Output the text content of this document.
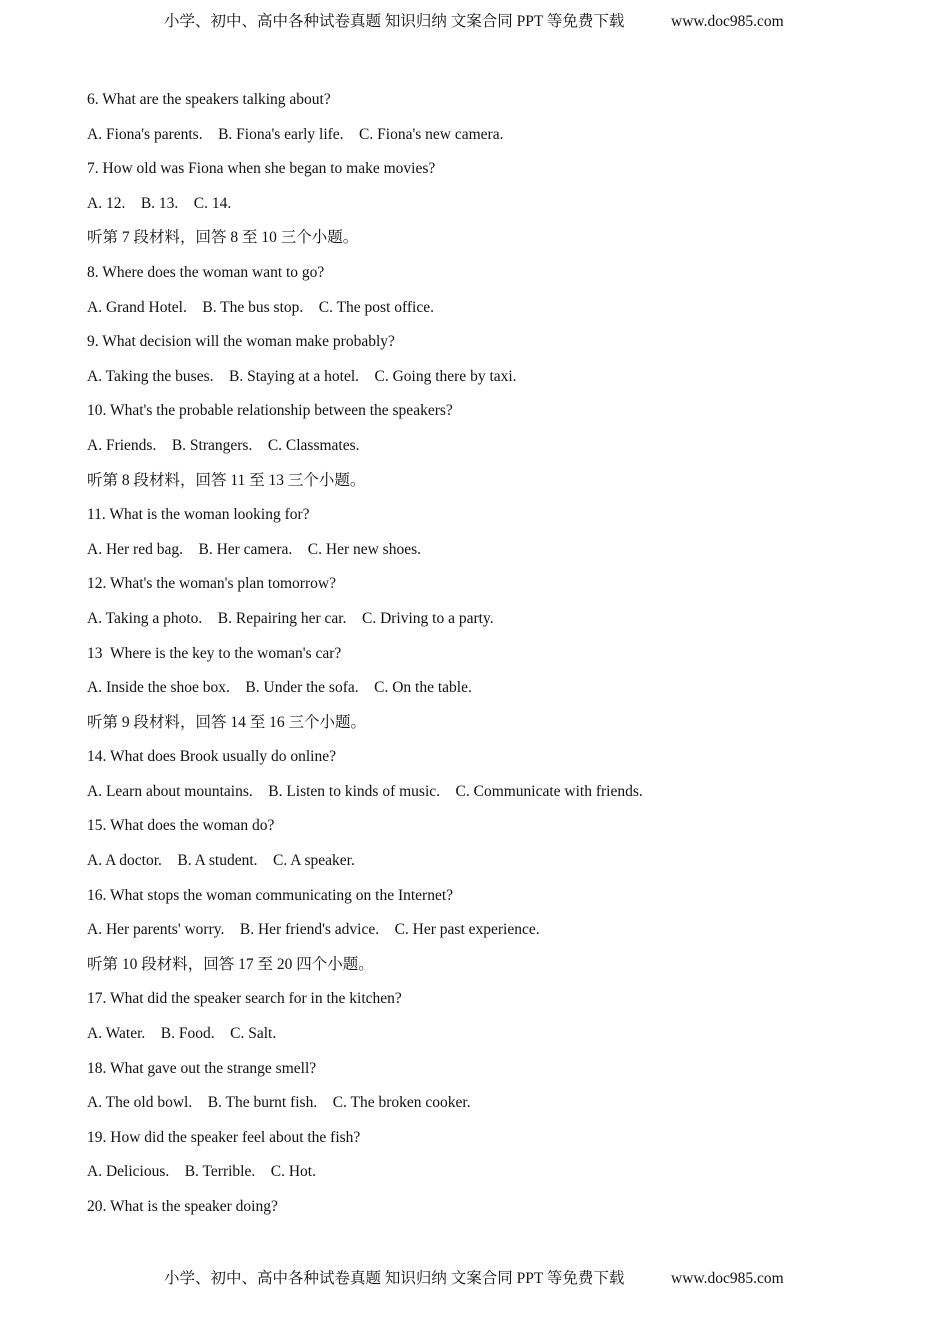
小学、初中、高中各种试卷真题 知识归纳 文案合同 PPT 等免费下载	www.doc985.com
6. What are the speakers talking about?
A. Fiona's parents.    B. Fiona's early life.    C. Fiona's new camera.
7. How old was Fiona when she began to make movies?
A. 12.    B. 13.    C. 14.
听第 7 段材料，回答 8 至 10 三个小题。
8. Where does the woman want to go?
A. Grand Hotel.    B. The bus stop.    C. The post office.
9. What decision will the woman make probably?
A. Taking the buses.    B. Staying at a hotel.    C. Going there by taxi.
10. What's the probable relationship between the speakers?
A. Friends.    B. Strangers.    C. Classmates.
听第 8 段材料，回答 11 至 13 三个小题。
11. What is the woman looking for?
A. Her red bag.    B. Her camera.    C. Her new shoes.
12. What's the woman's plan tomorrow?
A. Taking a photo.    B. Repairing her car.    C. Driving to a party.
13  Where is the key to the woman's car?
A. Inside the shoe box.    B. Under the sofa.    C. On the table.
听第 9 段材料，回答 14 至 16 三个小题。
14. What does Brook usually do online?
A. Learn about mountains.    B. Listen to kinds of music.    C. Communicate with friends.
15. What does the woman do?
A. A doctor.    B. A student.    C. A speaker.
16. What stops the woman communicating on the Internet?
A. Her parents' worry.    B. Her friend's advice.    C. Her past experience.
听第 10 段材料，回答 17 至 20 四个小题。
17. What did the speaker search for in the kitchen?
A. Water.    B. Food.    C. Salt.
18. What gave out the strange smell?
A. The old bowl.    B. The burnt fish.    C. The broken cooker.
19. How did the speaker feel about the fish?
A. Delicious.    B. Terrible.    C. Hot.
20. What is the speaker doing?
小学、初中、高中各种试卷真题 知识归纳 文案合同 PPT 等免费下载	www.doc985.com
